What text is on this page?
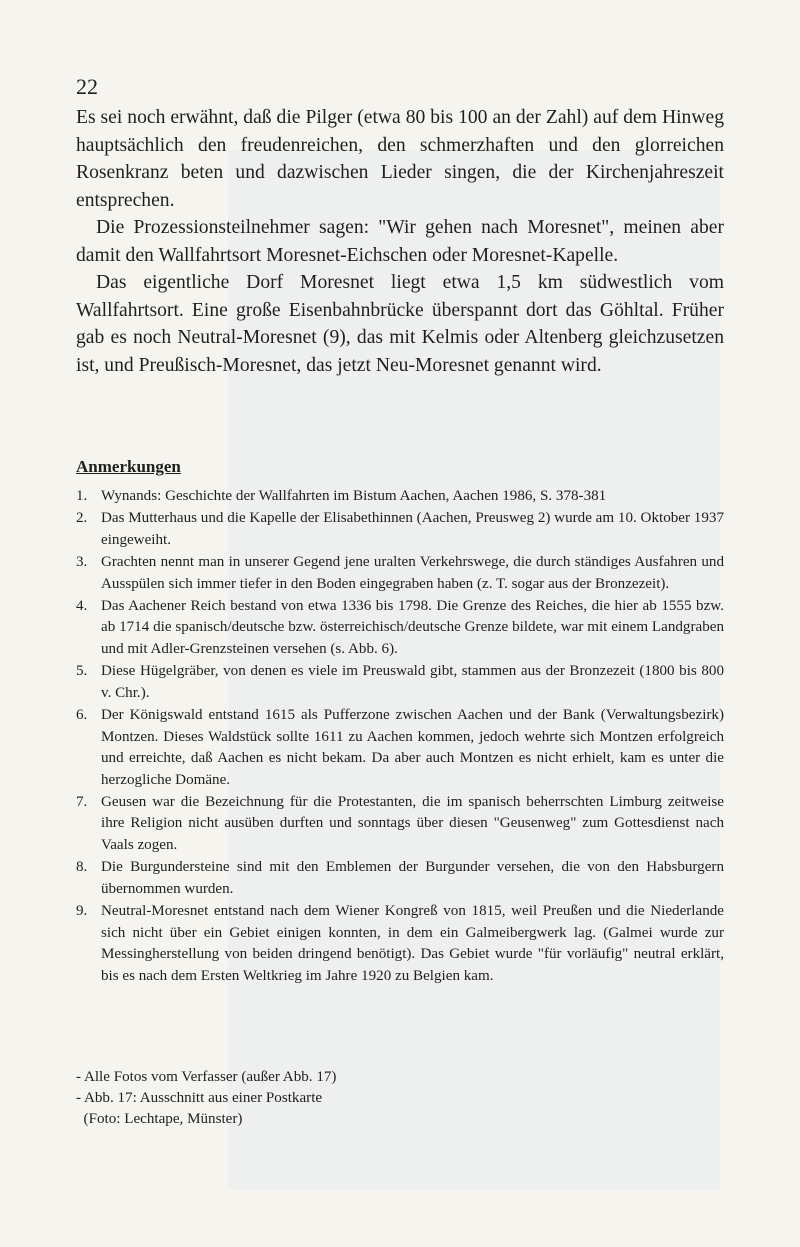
22

Es sei noch erwähnt, daß die Pilger (etwa 80 bis 100 an der Zahl) auf dem Hinweg hauptsächlich den freudenreichen, den schmerzhaften und den glorreichen Rosenkranz beten und dazwischen Lieder singen, die der Kirchenjahreszeit entsprechen.

Die Prozessionsteilnehmer sagen: "Wir gehen nach Moresnet", meinen aber damit den Wallfahrtsort Moresnet-Eichschen oder Moresnet-Kapelle.

Das eigentliche Dorf Moresnet liegt etwa 1,5 km südwestlich vom Wallfahrtsort. Eine große Eisenbahnbrücke überspannt dort das Göhltal. Früher gab es noch Neutral-Moresnet (9), das mit Kelmis oder Altenberg gleichzusetzen ist, und Preußisch-Moresnet, das jetzt Neu-Moresnet genannt wird.

Anmerkungen
1. Wynands: Geschichte der Wallfahrten im Bistum Aachen, Aachen 1986, S. 378-381
2. Das Mutterhaus und die Kapelle der Elisabethinnen (Aachen, Preusweg 2) wurde am 10. Oktober 1937 eingeweiht.
3. Grachten nennt man in unserer Gegend jene uralten Verkehrswege, die durch ständiges Ausfahren und Ausspülen sich immer tiefer in den Boden eingegraben haben (z. T. sogar aus der Bronzezeit).
4. Das Aachener Reich bestand von etwa 1336 bis 1798. Die Grenze des Reiches, die hier ab 1555 bzw. ab 1714 die spanisch/deutsche bzw. österreichisch/deutsche Grenze bildete, war mit einem Landgraben und mit Adler-Grenzsteinen versehen (s. Abb. 6).
5. Diese Hügelgräber, von denen es viele im Preuswald gibt, stammen aus der Bronzezeit (1800 bis 800 v. Chr.).
6. Der Königswald entstand 1615 als Pufferzone zwischen Aachen und der Bank (Verwaltungsbezirk) Montzen. Dieses Waldstück sollte 1611 zu Aachen kommen, jedoch wehrte sich Montzen erfolgreich und erreichte, daß Aachen es nicht bekam. Da aber auch Montzen es nicht erhielt, kam es unter die herzogliche Domäne.
7. Geusen war die Bezeichnung für die Protestanten, die im spanisch beherrschten Limburg zeitweise ihre Religion nicht ausüben durften und sonntags über diesen "Geusenweg" zum Gottesdienst nach Vaals zogen.
8. Die Burgundersteine sind mit den Emblemen der Burgunder versehen, die von den Habsburgern übernommen wurden.
9. Neutral-Moresnet entstand nach dem Wiener Kongreß von 1815, weil Preußen und die Niederlande sich nicht über ein Gebiet einigen konnten, in dem ein Galmeibergwerk lag. (Galmei wurde zur Messingherstellung von beiden dringend benötigt). Das Gebiet wurde "für vorläufig" neutral erklärt, bis es nach dem Ersten Weltkrieg im Jahre 1920 zu Belgien kam.
- Alle Fotos vom Verfasser (außer Abb. 17)
- Abb. 17: Ausschnitt aus einer Postkarte
(Foto: Lechtape, Münster)
